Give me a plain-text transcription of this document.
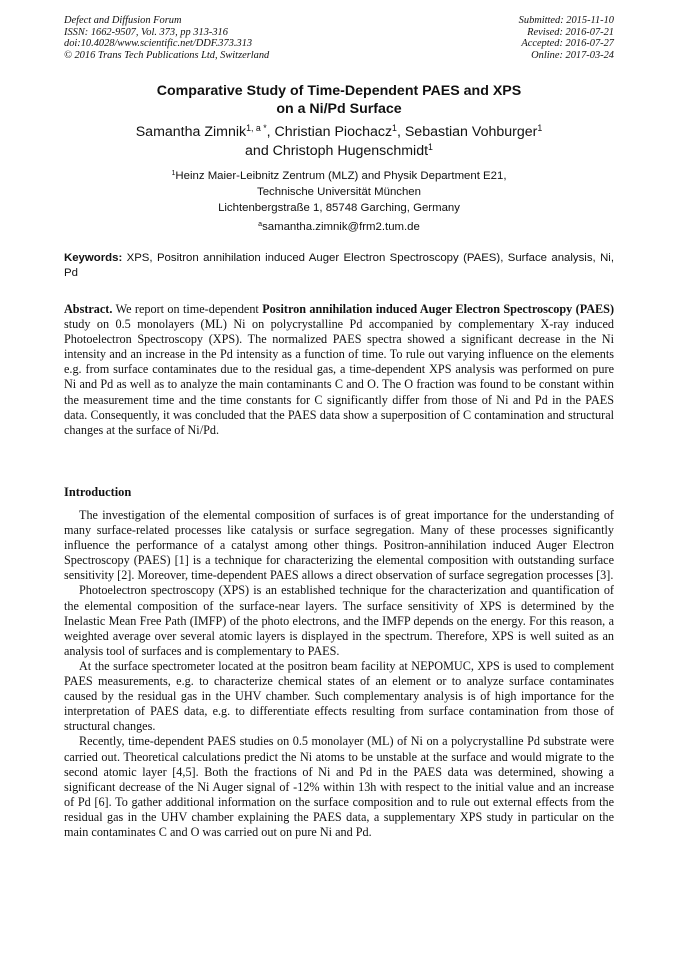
Defect and Diffusion Forum
ISSN: 1662-9507, Vol. 373, pp 313-316
doi:10.4028/www.scientific.net/DDF.373.313
© 2016 Trans Tech Publications Ltd, Switzerland
Submitted: 2015-11-10
Revised: 2016-07-21
Accepted: 2016-07-27
Online: 2017-03-24
Comparative Study of Time-Dependent PAES and XPS
on a Ni/Pd Surface
Samantha Zimnik$^{1, a *}$, Christian Piochacz$^1$, Sebastian Vohburger$^1$
and Christoph Hugenschmidt$^1$
$^1$Heinz Maier-Leibnitz Zentrum (MLZ) and Physik Department E21,
Technische Universität München
Lichtenbergstraße 1, 85748 Garching, Germany
$^a$samantha.zimnik@frm2.tum.de
Keywords: XPS, Positron annihilation induced Auger Electron Spectroscopy (PAES), Surface analysis, Ni, Pd
Abstract. We report on time-dependent Positron annihilation induced Auger Electron Spectroscopy (PAES) study on 0.5 monolayers (ML) Ni on polycrystalline Pd accompanied by complementary X-ray induced Photoelectron Spectroscopy (XPS). The normalized PAES spectra showed a significant decrease in the Ni intensity and an increase in the Pd intensity as a function of time. To rule out varying influence on the elements e.g. from surface contaminates due to the residual gas, a time-dependent XPS analysis was performed on pure Ni and Pd as well as to analyze the main contaminants C and O. The O fraction was found to be constant within the measurement time and the time constants for C significantly differ from those of Ni and Pd in the PAES data. Consequently, it was concluded that the PAES data show a superposition of C contamination and structural changes at the surface of Ni/Pd.
Introduction

The investigation of the elemental composition of surfaces is of great importance for the understanding of many surface-related processes like catalysis or surface segregation. Many of these processes significantly influence the performance of a catalyst among other things. Positron-annihilation induced Auger Electron Spectroscopy (PAES) [1] is a technique for characterizing the elemental composition with outstanding surface sensitivity [2]. Moreover, time-dependent PAES allows a direct observation of surface segregation processes [3].

Photoelectron spectroscopy (XPS) is an established technique for the characterization and quantification of the elemental composition of the surface-near layers. The surface sensitivity of XPS is determined by the Inelastic Mean Free Path (IMFP) of the photo electrons, and the IMFP depends on the energy. For this reason, a weighted average over several atomic layers is displayed in the spectrum. Therefore, XPS is well suited as an analysis tool of surfaces and is complementary to PAES.

At the surface spectrometer located at the positron beam facility at NEPOMUC, XPS is used to complement PAES measurements, e.g. to characterize chemical states of an element or to analyze surface contaminates caused by the residual gas in the UHV chamber. Such complementary analysis is of high importance for the interpretation of PAES data, e.g. to differentiate effects resulting from surface contamination from those of structural changes.

Recently, time-dependent PAES studies on 0.5 monolayer (ML) of Ni on a polycrystalline Pd substrate were carried out. Theoretical calculations predict the Ni atoms to be unstable at the surface and would migrate to the second atomic layer [4,5]. Both the fractions of Ni and Pd in the PAES data was determined, showing a significant decrease of the Ni Auger signal of -12% within 13h with respect to the initial value and an increase of Pd [6]. To gather additional information on the surface composition and to rule out external effects from the residual gas in the UHV chamber explaining the PAES data, a supplementary XPS study in particular on the main contaminates C and O was carried out on pure Ni and Pd.
